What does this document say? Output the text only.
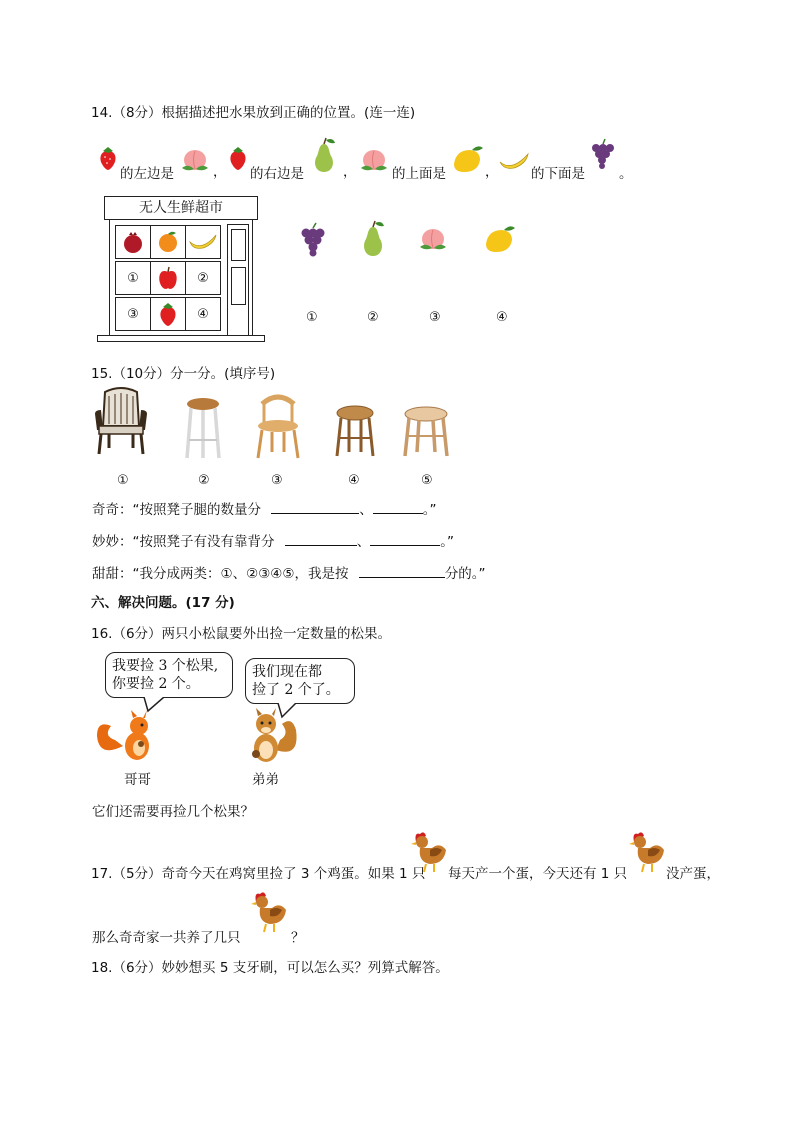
14.（8分）根据描述把水果放到正确的位置。(连一连)
的左边是	， 的右边是	，	的上面是	， 的下面是	。
无人生鲜超市
①	②
③	④	①	②	③	④
15.（10分）分一分。(填序号)
①	②	③	④	⑤
奇奇：“按照凳子腿的数量分	、	。”
妙妙：“按照凳子有没有靠背分	、	。”
甜甜：“我分成两类：①、②③④⑤，我是按	分的。”
六、解决问题。(17 分)
16.（6分）两只小松鼠要外出捡一定数量的松果。
我要捡 3 个松果,
你要捡 2 个。
我们现在都
捡了 2 个了。
哥哥	弟弟
它们还需要再捡几个松果？
17.（5分）奇奇今天在鸡窝里捡了 3 个鸡蛋。如果 1 只 每天产一个蛋，今天还有 1 只	没产蛋，
那么奇奇家一共养了几只	？
18.（6分）妙妙想买 5 支牙刷，可以怎么买？列算式解答。
